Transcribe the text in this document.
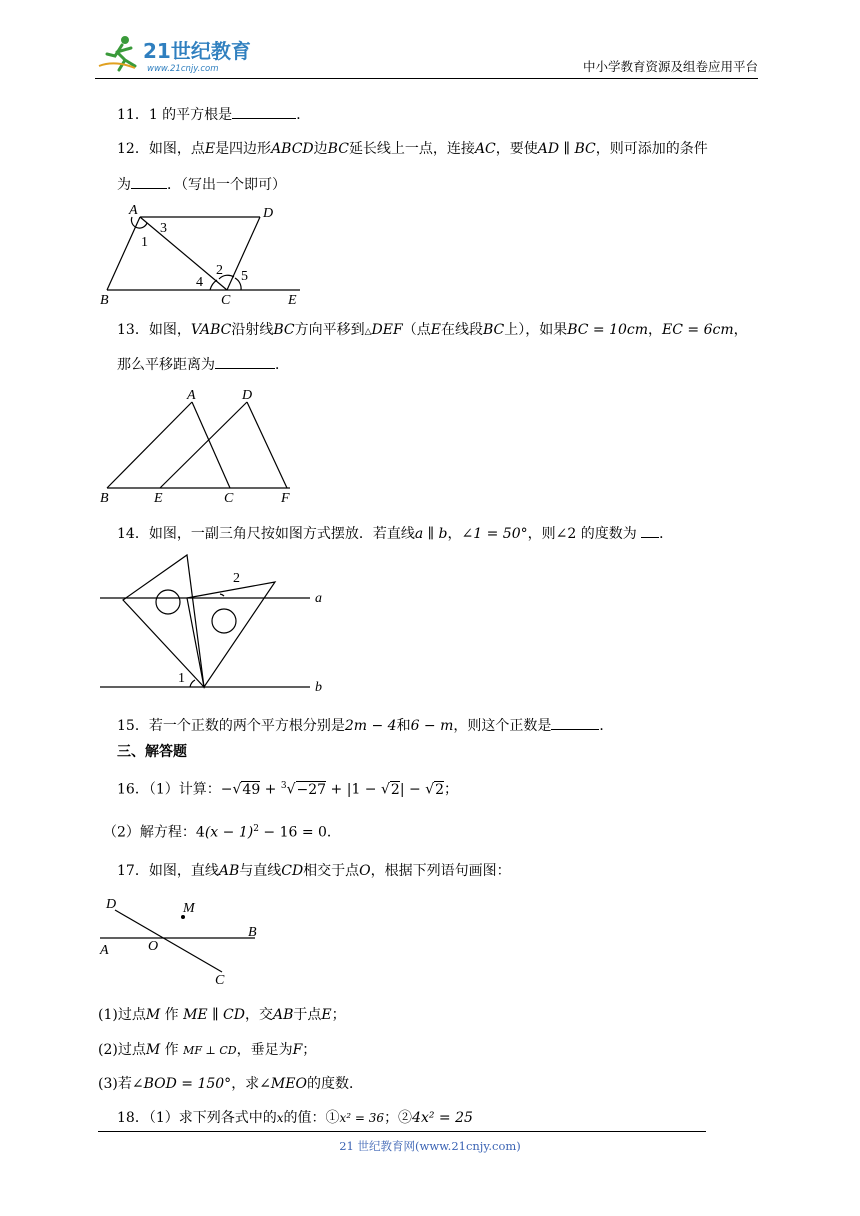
21世纪教育
www.21cnjy.com	中小学教育资源及组卷应用平台
11．1 的平方根是	．
12．如图，点E是四边形ABCD边BC延长线上一点，连接AC，要使AD ∥ BC，则可添加的条件
为	．（写出一个即可）
A	D
1
3
2 5
4
B	C	E
13．如图，VABC沿射线BC方向平移到△DEF（点E在线段BC上），如果BC = 10cm，EC = 6cm，
那么平移距离为	．
A	D
B	E	C	F
14．如图，一副三角尺按如图方式摆放．若直线a ∥ b，∠1 = 50°，则∠2 的度数为 ．
2
a
1
b
15．若一个正数的两个平方根分别是2m − 4和6 − m，则这个正数是	．
三、解答题
16．（1）计算：−√49 + $^3$√−27 + |1 − √2| − √2；
（2）解方程：$4(x - 1)^2 - 16 = 0$．
17．如图，直线AB与直线CD相交于点O，根据下列语句画图：
D	M
B
A	O
C
(1)过点M 作 ME ∥ CD，交AB于点E；
(2)过点M 作 MF ⊥ CD，垂足为F；
(3)若∠BOD = 150°，求∠MEO的度数．
18．（1）求下列各式中的x的值：①x² = 36；②4x² = 25
21 世纪教育网(www.21cnjy.com)
